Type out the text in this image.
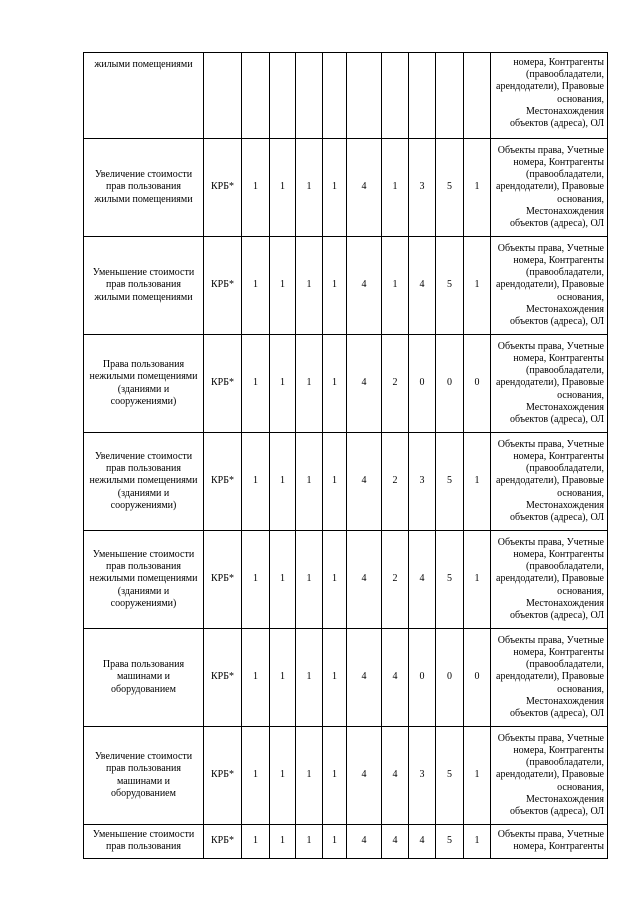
жилыми помещениями											номера, Контрагенты (правообладатели, арендодатели), Правовые основания, Местонахождения объектов (адреса), ОЛ
Увеличение стоимости прав пользования жилыми помещениями	КРБ*	1	1	1	1	4	1	3	5	1	Объекты права, Учетные номера, Контрагенты (правообладатели, арендодатели), Правовые основания, Местонахождения объектов (адреса), ОЛ
Уменьшение стоимости прав пользования жилыми помещениями	КРБ*	1	1	1	1	4	1	4	5	1	Объекты права, Учетные номера, Контрагенты (правообладатели, арендодатели), Правовые основания, Местонахождения объектов (адреса), ОЛ
Права пользования нежилыми помещениями (зданиями и сооружениями)	КРБ*	1	1	1	1	4	2	0	0	0	Объекты права, Учетные номера, Контрагенты (правообладатели, арендодатели), Правовые основания, Местонахождения объектов (адреса), ОЛ
Увеличение стоимости прав пользования нежилыми помещениями (зданиями и сооружениями)	КРБ*	1	1	1	1	4	2	3	5	1	Объекты права, Учетные номера, Контрагенты (правообладатели, арендодатели), Правовые основания, Местонахождения объектов (адреса), ОЛ
Уменьшение стоимости прав пользования нежилыми помещениями (зданиями и сооружениями)	КРБ*	1	1	1	1	4	2	4	5	1	Объекты права, Учетные номера, Контрагенты (правообладатели, арендодатели), Правовые основания, Местонахождения объектов (адреса), ОЛ
Права пользования машинами и оборудованием	КРБ*	1	1	1	1	4	4	0	0	0	Объекты права, Учетные номера, Контрагенты (правообладатели, арендодатели), Правовые основания, Местонахождения объектов (адреса), ОЛ
Увеличение стоимости прав пользования машинами и оборудованием	КРБ*	1	1	1	1	4	4	3	5	1	Объекты права, Учетные номера, Контрагенты (правообладатели, арендодатели), Правовые основания, Местонахождения объектов (адреса), ОЛ
Уменьшение стоимости прав пользования	КРБ*	1	1	1	1	4	4	4	5	1	Объекты права, Учетные номера, Контрагенты
